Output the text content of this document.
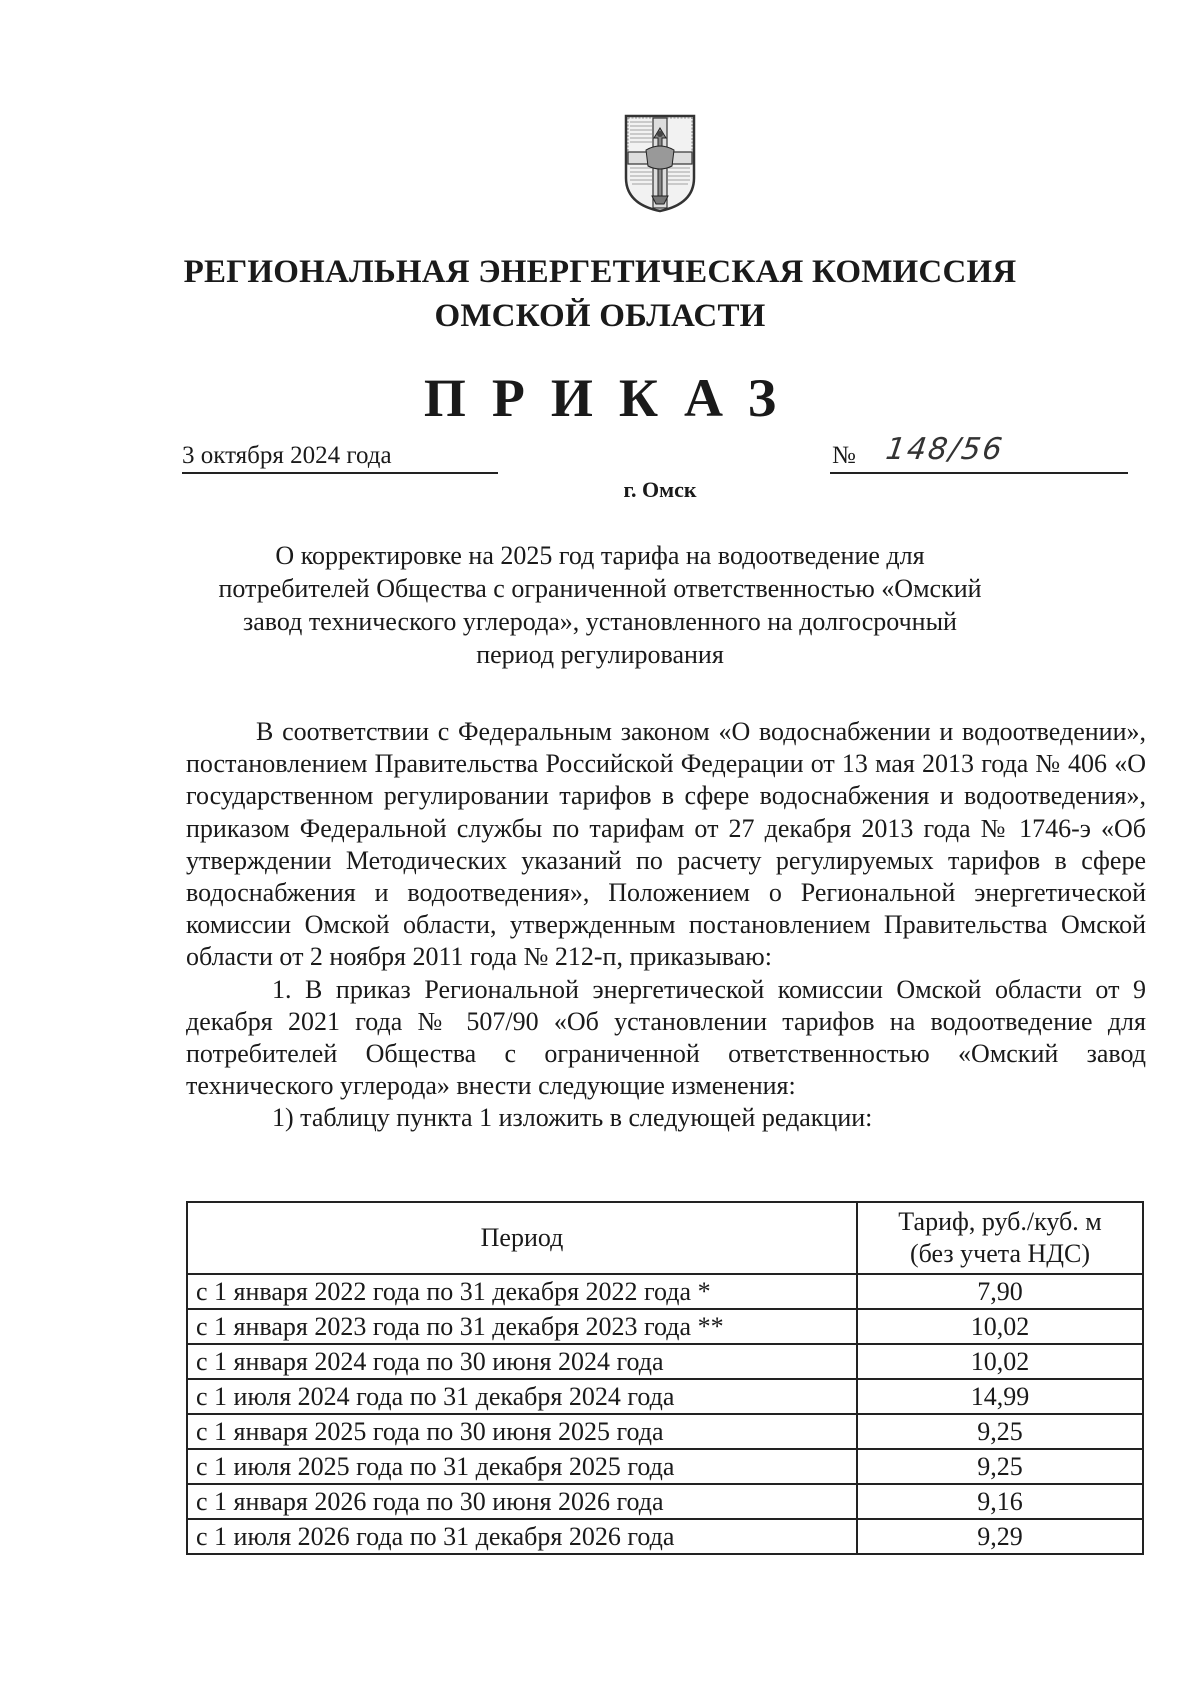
РЕГИОНАЛЬНАЯ ЭНЕРГЕТИЧЕСКАЯ КОМИССИЯ
ОМСКОЙ ОБЛАСТИ
ПРИКАЗ
3 октября 2024 года	№ 148/56
г. Омск
О корректировке на 2025 год тарифа на водоотведение для
потребителей Общества с ограниченной ответственностью «Омский
завод технического углерода», установленного на долгосрочный
период регулирования

В соответствии с Федеральным законом «О водоснабжении и водоотведении», постановлением Правительства Российской Федерации от 13 мая 2013 года № 406 «О государственном регулировании тарифов в сфере водоснабжения и водоотведения», приказом Федеральной службы по тарифам от 27 декабря 2013 года № 1746-э «Об утверждении Методических указаний по расчету регулируемых тарифов в сфере водоснабжения и водоотведения», Положением о Региональной энергетической комиссии Омской области, утвержденным постановлением Правительства Омской области от 2 ноября 2011 года № 212-п, приказываю:

1. В приказ Региональной энергетической комиссии Омской области от 9 декабря 2021 года № 507/90 «Об установлении тарифов на водоотведение для потребителей Общества с ограниченной ответственностью «Омский завод технического углерода» внести следующие изменения:

1) таблицу пункта 1 изложить в следующей редакции:

Период	Тариф, руб./куб. м
(без учета НДС)

с 1 января 2022 года по 31 декабря 2022 года *	7,90
с 1 января 2023 года по 31 декабря 2023 года **	10,02
с 1 января 2024 года по 30 июня 2024 года	10,02
с 1 июля 2024 года по 31 декабря 2024 года	14,99
с 1 января 2025 года по 30 июня 2025 года	9,25
с 1 июля 2025 года по 31 декабря 2025 года	9,25
с 1 января 2026 года по 30 июня 2026 года	9,16
с 1 июля 2026 года по 31 декабря 2026 года	9,29
